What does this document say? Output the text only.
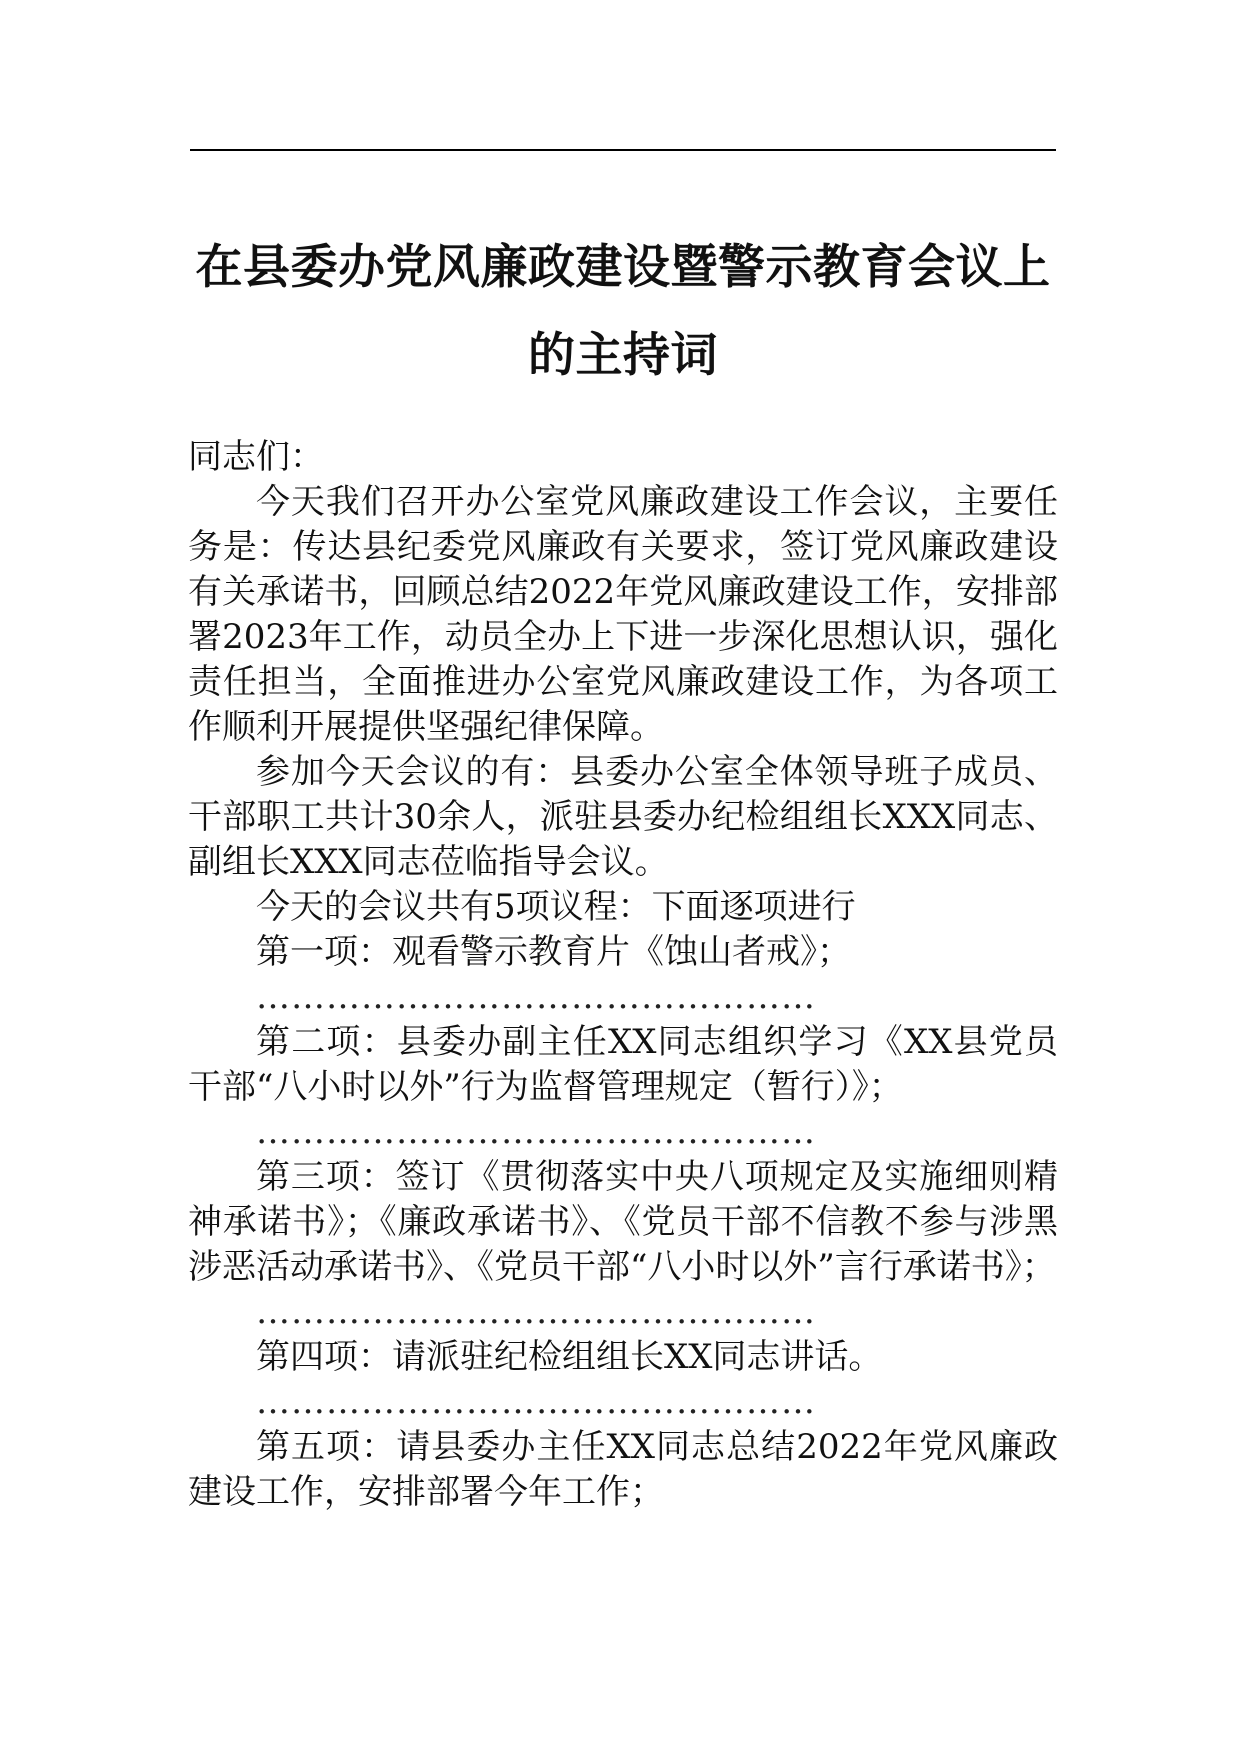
在县委办党风廉政建设暨警示教育会议上
的主持词

同志们：

今天我们召开办公室党风廉政建设工作会议，主要任务是：传达县纪委党风廉政有关要求，签订党风廉政建设有关承诺书，回顾总结2022年党风廉政建设工作，安排部署2023年工作，动员全办上下进一步深化思想认识，强化责任担当，全面推进办公室党风廉政建设工作，为各项工作顺利开展提供坚强纪律保障。

参加今天会议的有：县委办公室全体领导班子成员、干部职工共计30余人，派驻县委办纪检组组长XXX同志、副组长XXX同志莅临指导会议。

今天的会议共有5项议程：下面逐项进行

第一项：观看警示教育片《蚀山者戒》；

…………………………………………

第二项：县委办副主任XX同志组织学习《XX县党员干部“八小时以外”行为监督管理规定（暂行）》；

…………………………………………

第三项：签订《贯彻落实中央八项规定及实施细则精神承诺书》；《廉政承诺书》、《党员干部不信教不参与涉黑涉恶活动承诺书》、《党员干部“八小时以外”言行承诺书》；

…………………………………………

第四项：请派驻纪检组组长XX同志讲话。

…………………………………………

第五项：请县委办主任XX同志总结2022年党风廉政建设工作，安排部署今年工作；
